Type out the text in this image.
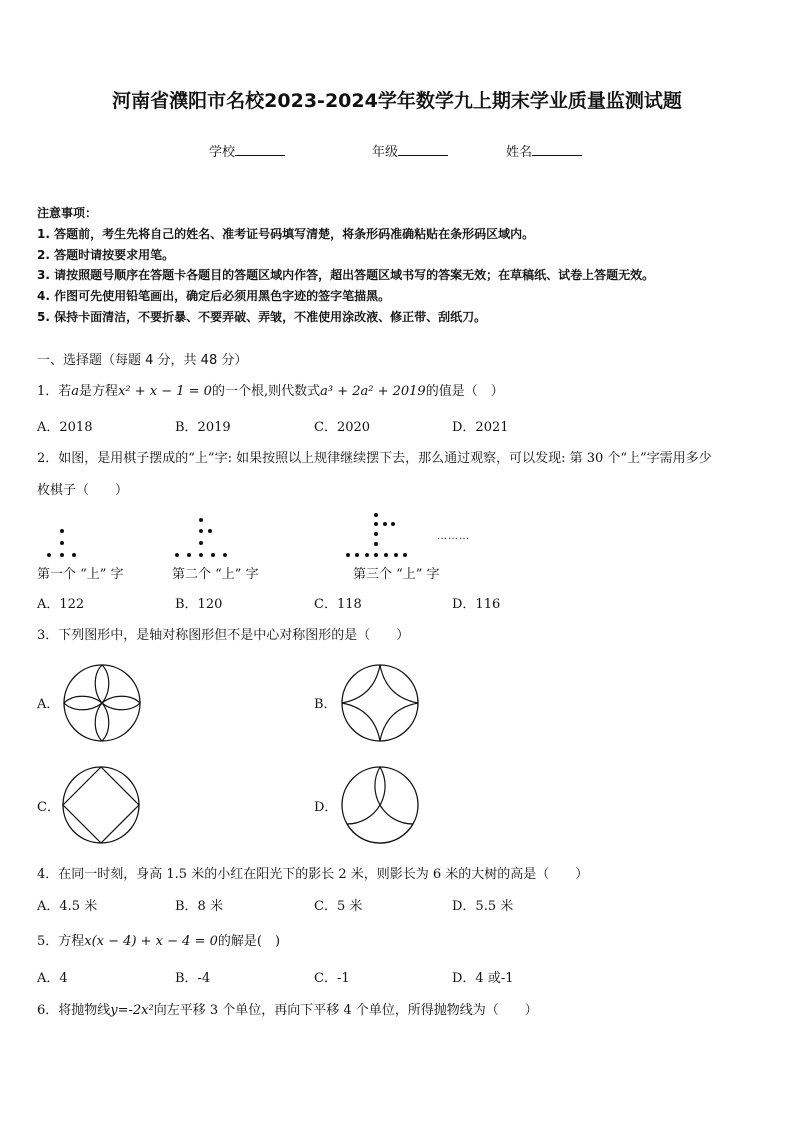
河南省濮阳市名校2023-2024学年数学九上期末学业质量监测试题
学校	年级	姓名
注意事项：
1. 答题前，考生先将自己的姓名、准考证号码填写清楚，将条形码准确粘贴在条形码区域内。
2. 答题时请按要求用笔。
3. 请按照题号顺序在答题卡各题目的答题区域内作答，超出答题区域书写的答案无效；在草稿纸、试卷上答题无效。
4. 作图可先使用铅笔画出，确定后必须用黑色字迹的签字笔描黑。
5. 保持卡面清洁，不要折暴、不要弄破、弄皱，不准使用涂改液、修正带、刮纸刀。
一、选择题（每题 4 分，共 48 分）
1．若a是方程x² + x − 1 = 0的一个根,则代数式a³ + 2a² + 2019的值是（　）
A．2018	B．2019	C．2020	D．2021
2．如图，是用棋子摆成的“上”字: 如果按照以上规律继续摆下去，那么通过观察，可以发现: 第 30 个“上”字需用多少
枚棋子（　　）
………
第一个 “上” 字	第二个 “上” 字	第三个 “上” 字
A．122	B．120	C．118	D．116
3．下列图形中，是轴对称图形但不是中心对称图形的是（　　）
A．	B．
C．	D．
4．在同一时刻，身高 1.5 米的小红在阳光下的影长 2 米，则影长为 6 米的大树的高是（　　）
A．4.5 米	B．8 米	C．5 米	D．5.5 米
5．方程x(x − 4) + x − 4 = 0的解是(　)
A．4	B．-4	C．-1	D．4 或-1
6．将抛物线y=-2x²向左平移 3 个单位，再向下平移 4 个单位，所得抛物线为（　　）
